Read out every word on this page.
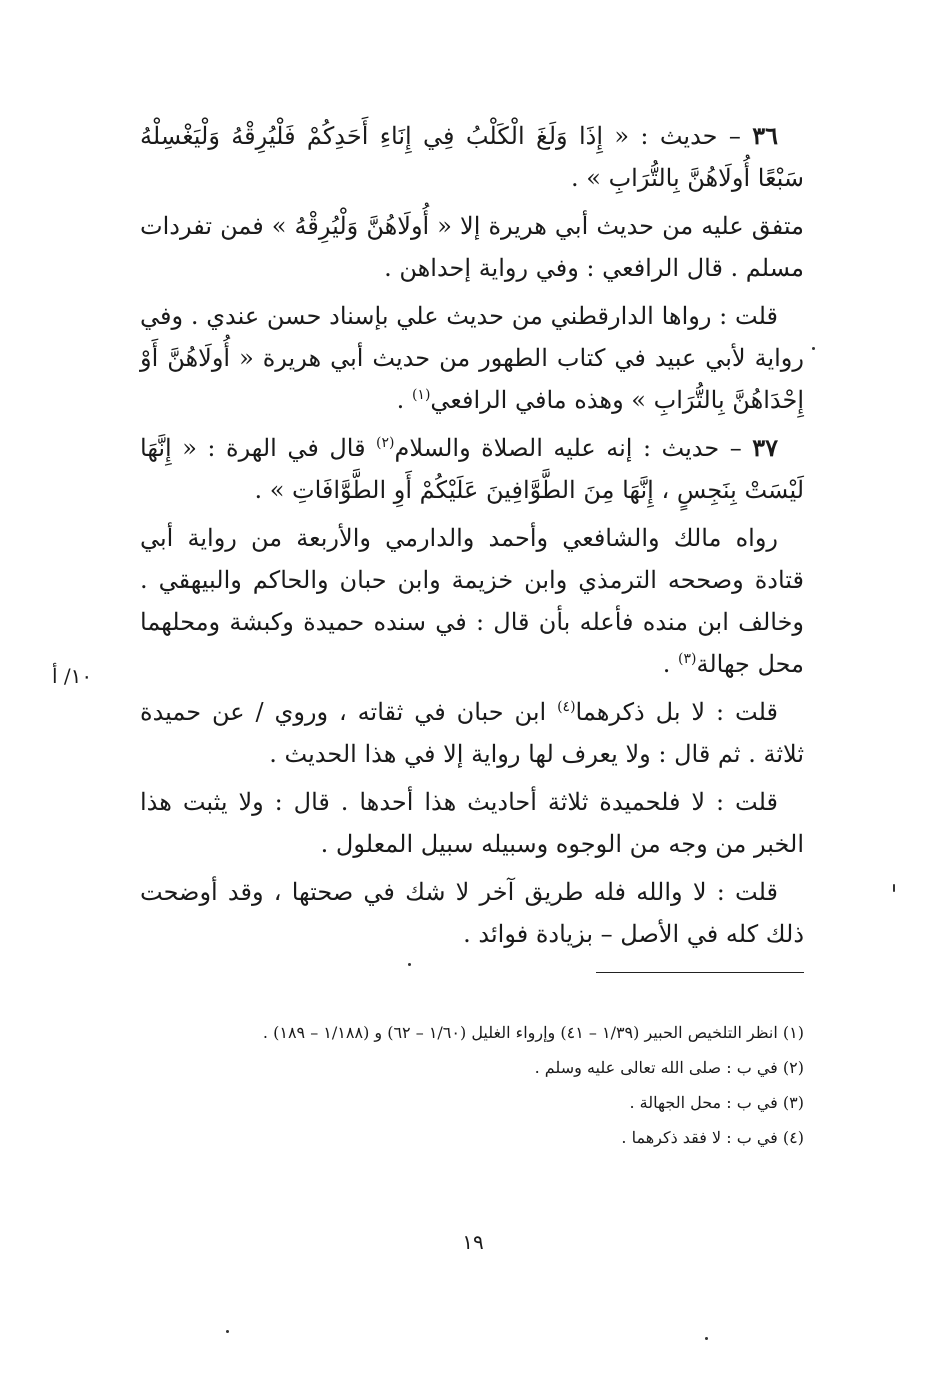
٣٦ – حديث : « إِذَا وَلَغَ الْكَلْبُ فِي إِنَاءِ أَحَدِكُمْ فَلْيُرِقْهُ وَلْيَغْسِلْهُ سَبْعًا أُولَاهُنَّ بِالتُّرَابِ » .

متفق عليه من حديث أبي هريرة إلا « أُولَاهُنَّ وَلْيُرِقْهُ » فمن تفردات مسلم . قال الرافعي : وفي رواية إحداهن .

قلت : رواها الدارقطني من حديث علي بإسناد حسن عندي . وفي رواية لأبي عبيد في كتاب الطهور من حديث أبي هريرة « أُولَاهُنَّ أَوْ إِحْدَاهُنَّ بِالتُّرَابِ » وهذه مافي الرافعي$^{(١)}$ .

٣٧ – حديث : إنه عليه الصلاة والسلام$^{(٢)}$ قال في الهرة : « إِنَّهَا لَيْسَتْ بِنَجِسٍ ، إِنَّهَا مِنَ الطَّوَّافِينَ عَلَيْكُمْ أَوِ الطَّوَّافَاتِ » .

رواه مالك والشافعي وأحمد والدارمي والأربعة من رواية أبي قتادة وصححه الترمذي وابن خزيمة وابن حبان والحاكم والبيهقي . وخالف ابن منده فأعله بأن قال : في سنده حميدة وكبشة ومحلهما محل جهالة$^{(٣)}$ .

قلت : لا بل ذكرهما$^{(٤)}$ ابن حبان في ثقاته ، وروي / عن حميدة ثلاثة . ثم قال : ولا يعرف لها رواية إلا في هذا الحديث .

قلت : لا فلحميدة ثلاثة أحاديث هذا أحدها . قال : ولا يثبت هذا الخبر من وجه من الوجوه وسبيله سبيل المعلول .

قلت : لا والله فله طريق آخر لا شك في صحتها ، وقد أوضحت ذلك كله في الأصل – بزيادة فوائد .

١٠/ أ

(١) انظر التلخيص الحبير (١/٣٩ – ٤١) وإرواء الغليل (١/٦٠ – ٦٢) و (١/١٨٨ – ١٨٩) .

(٢) في ب : صلى الله تعالى عليه وسلم .

(٣) في ب : محل الجهالة .

(٤) في ب : لا فقد ذكرهما .

١٩
